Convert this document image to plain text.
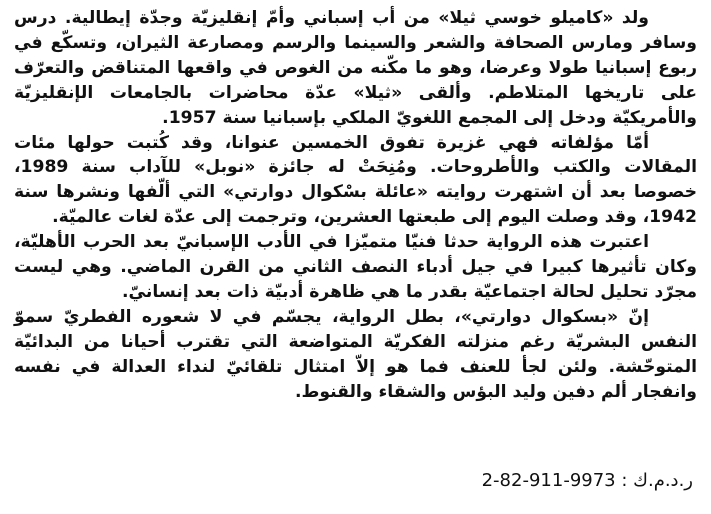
ولد «كاميلو خوسي ثيلا» من أب إسباني وأمّ إنقليزيّة وجدّة إيطالية. درس وسافر ومارس الصحافة والشعر والسينما والرسم ومصارعة الثيران، وتسكّع في ربوع إسبانيا طولا وعرضا، وهو ما مكّنه من الغوص في واقعها المتناقض والتعرّف على تاريخها المتلاطم. وألقى «ثيلا» عدّة محاضرات بالجامعات الإنقليزيّة والأمريكيّة ودخل إلى المجمع اللغويّ الملكي بإسبانيا سنة 1957.

أمّا مؤلفاته فهي غزيرة تفوق الخمسين عنوانا، وقد كُتبت حولها مئات المقالات والكتب والأطروحات. ومُنِحَتْ له جائزة «نوبل» للآداب سنة 1989، خصوصا بعد أن اشتهرت روايته «عائلة بسْكوال دوارتي» التي ألّفها ونشرها سنة 1942، وقد وصلت اليوم إلى طبعتها العشرين، وترجمت إلى عدّة لغات عالميّة.

اعتبرت هذه الرواية حدثا فنيّا متميّزا في الأدب الإسبانيّ بعد الحرب الأهليّة، وكان تأثيرها كبيرا في جيل أدباء النصف الثاني من القرن الماضي. وهي ليست مجرّد تحليل لحالة اجتماعيّة بقدر ما هي ظاهرة أدبيّة ذات بعد إنسانيّ.

إنّ «بسكوال دوارتي»، بطل الرواية، يجسّم في لا شعوره الفطريّ سموّ النفس البشريّة رغم منزلته الفكريّة المتواضعة التي تقترب أحيانا من البدائيّة المتوحّشة. ولئن لجأ للعنف فما هو إلاّ امتثال تلقائيّ لنداء العدالة في نفسه وانفجار ألم دفين وليد البؤس والشقاء والقنوط.

ر.د.م.ك : 9973-911-82-2
